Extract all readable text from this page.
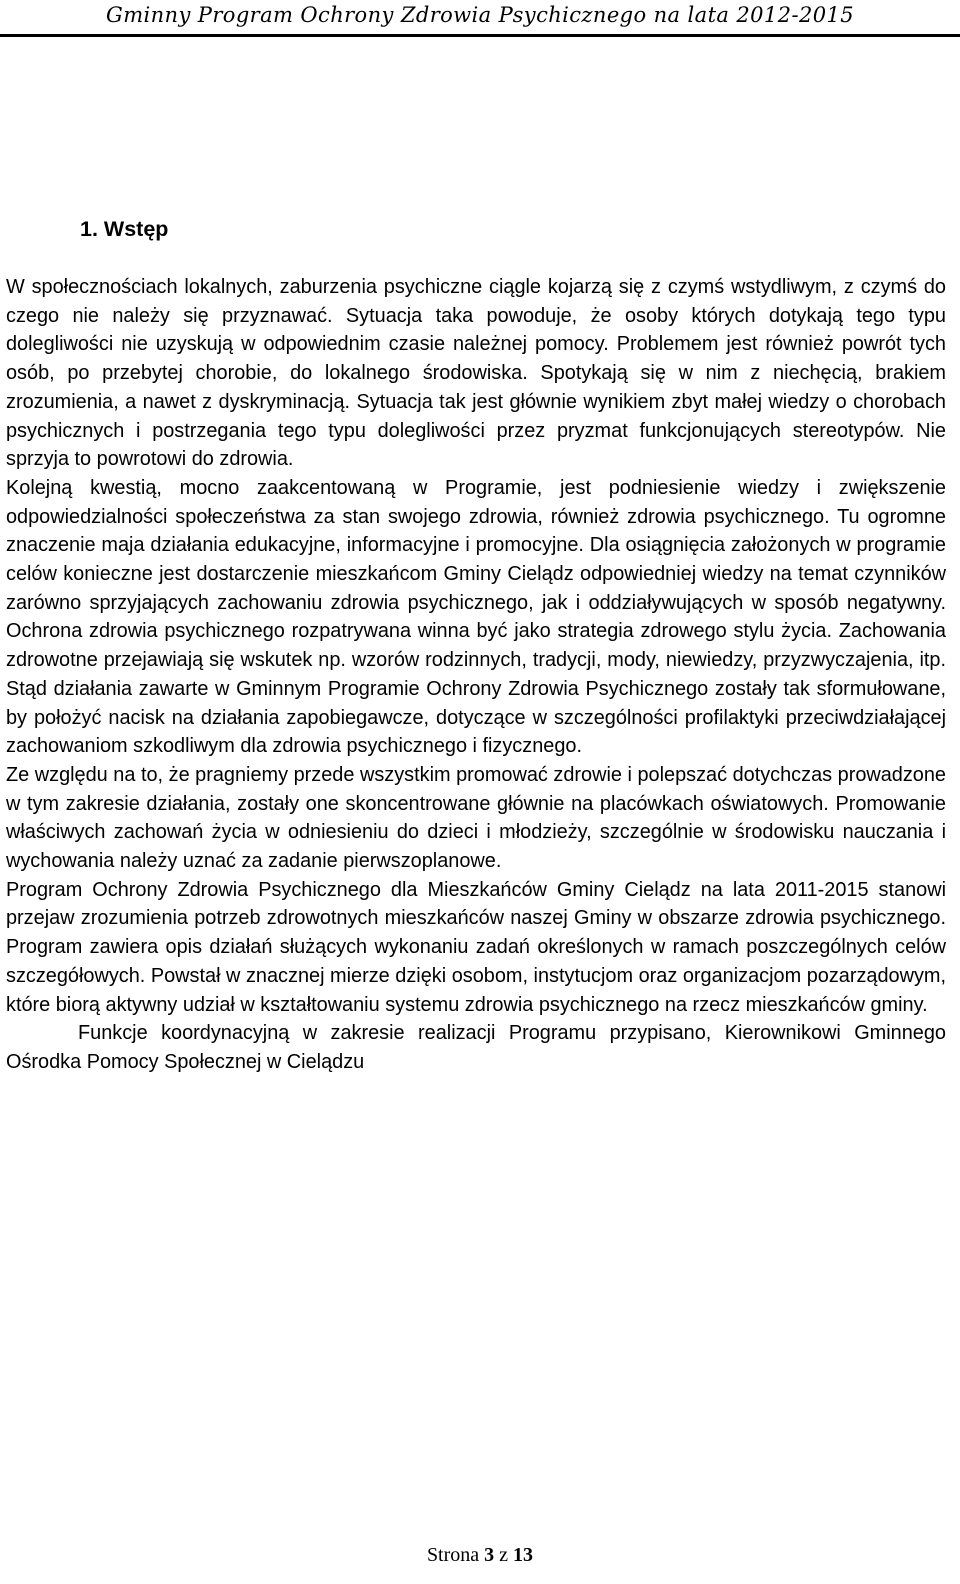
Gminny Program Ochrony Zdrowia Psychicznego na lata 2012-2015
1. Wstęp

W społecznościach lokalnych, zaburzenia psychiczne ciągle kojarzą się z czymś wstydliwym, z czymś do czego nie należy się przyznawać. Sytuacja taka powoduje, że osoby których dotykają tego typu dolegliwości nie uzyskują w odpowiednim czasie należnej pomocy. Problemem jest również powrót tych osób, po przebytej chorobie, do lokalnego środowiska. Spotykają się w nim z niechęcią, brakiem zrozumienia, a nawet z dyskryminacją. Sytuacja tak jest głównie wynikiem zbyt małej wiedzy o chorobach psychicznych i postrzegania tego typu dolegliwości przez pryzmat funkcjonujących stereotypów. Nie sprzyja to powrotowi do zdrowia.

Kolejną kwestią, mocno zaakcentowaną w Programie, jest podniesienie wiedzy i zwiększenie odpowiedzialności społeczeństwa za stan swojego zdrowia, również zdrowia psychicznego. Tu ogromne znaczenie maja działania edukacyjne, informacyjne i promocyjne. Dla osiągnięcia założonych w programie celów konieczne jest dostarczenie mieszkańcom Gminy Cielądz odpowiedniej wiedzy na temat czynników zarówno sprzyjających zachowaniu zdrowia psychicznego, jak i oddziaływujących w sposób negatywny. Ochrona zdrowia psychicznego rozpatrywana winna być jako strategia zdrowego stylu życia. Zachowania zdrowotne przejawiają się wskutek np. wzorów rodzinnych, tradycji, mody, niewiedzy, przyzwyczajenia, itp. Stąd działania zawarte w Gminnym Programie Ochrony Zdrowia Psychicznego zostały tak sformułowane, by położyć nacisk na działania zapobiegawcze, dotyczące w szczególności profilaktyki przeciwdziałającej zachowaniom szkodliwym dla zdrowia psychicznego i fizycznego.

Ze względu na to, że pragniemy przede wszystkim promować zdrowie i polepszać dotychczas prowadzone w tym zakresie działania, zostały one skoncentrowane głównie na placówkach oświatowych. Promowanie właściwych zachowań życia w odniesieniu do dzieci i młodzieży, szczególnie w środowisku nauczania i wychowania należy uznać za zadanie pierwszoplanowe.

Program Ochrony Zdrowia Psychicznego dla Mieszkańców Gminy Cielądz na lata 2011-2015 stanowi przejaw zrozumienia potrzeb zdrowotnych mieszkańców naszej Gminy w obszarze zdrowia psychicznego. Program zawiera opis działań służących wykonaniu zadań określonych w ramach poszczególnych celów szczegółowych. Powstał w znacznej mierze dzięki osobom, instytucjom oraz organizacjom pozarządowym, które biorą aktywny udział w kształtowaniu systemu zdrowia psychicznego na rzecz mieszkańców gminy.

Funkcje koordynacyjną w zakresie realizacji Programu przypisano, Kierownikowi Gminnego Ośrodka Pomocy Społecznej w Cielądzu

Strona 3 z 13
